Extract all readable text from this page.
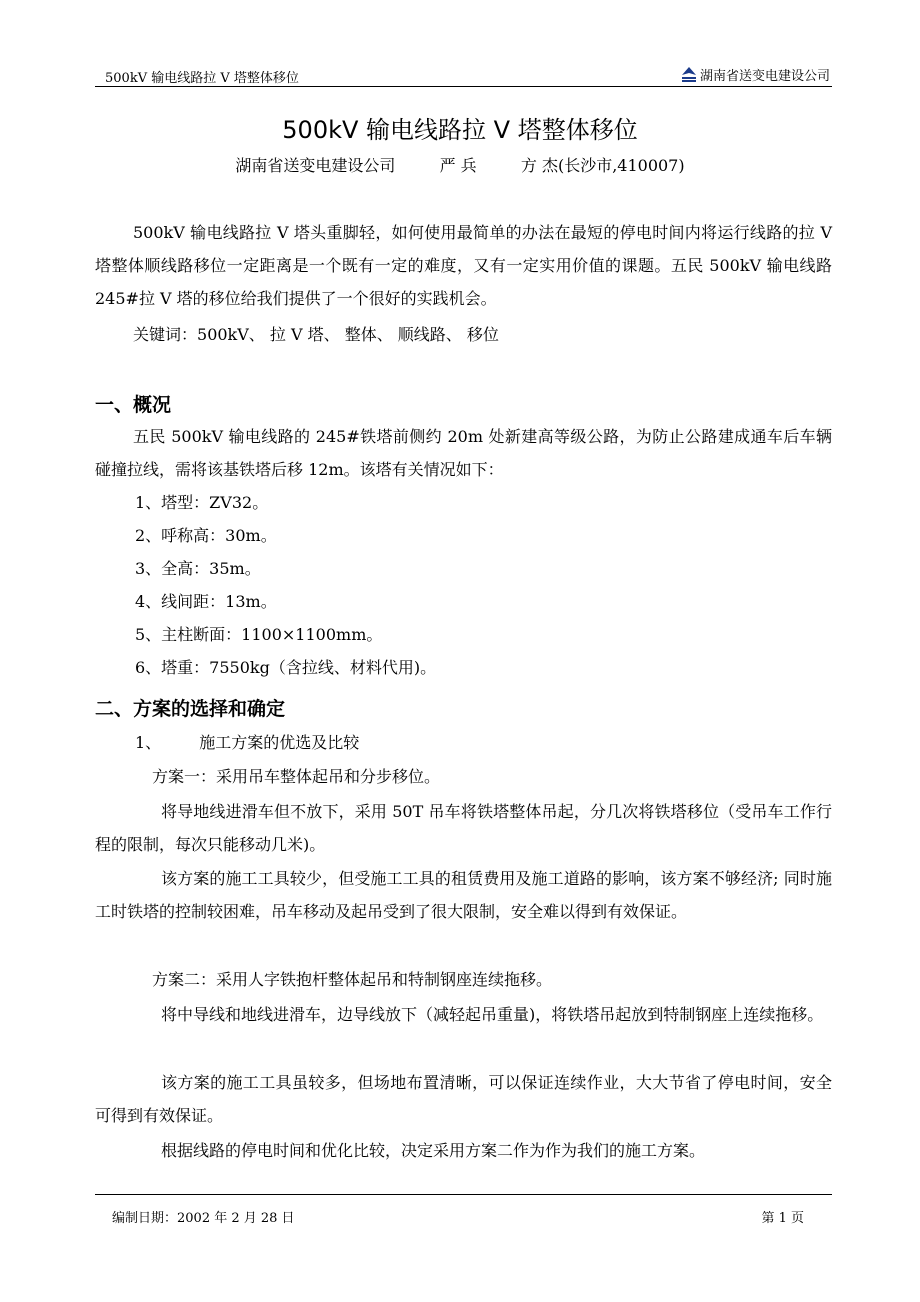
500kV 输电线路拉 V 塔整体移位	湖南省送变电建设公司
500kV 输电线路拉 V 塔整体移位
湖南省送变电建设公司	严 兵	方 杰(长沙市,410007)

500kV 输电线路拉 V 塔头重脚轻，如何使用最简单的办法在最短的停电时间内将运行线路的拉 V 塔整体顺线路移位一定距离是一个既有一定的难度，又有一定实用价值的课题。五民 500kV 输电线路 245#拉 V 塔的移位给我们提供了一个很好的实践机会。

关键词：500kV、 拉 V 塔、 整体、 顺线路、 移位

一、概况

五民 500kV 输电线路的 245#铁塔前侧约 20m 处新建高等级公路，为防止公路建成通车后车辆碰撞拉线，需将该基铁塔后移 12m。该塔有关情况如下：

1、塔型：ZV32。

2、呼称高：30m。

3、全高：35m。

4、线间距：13m。

5、主柱断面：1100×1100mm。

6、塔重：7550kg（含拉线、材料代用)。

二、方案的选择和确定

1、 施工方案的优选及比较

方案一：采用吊车整体起吊和分步移位。

将导地线进滑车但不放下，采用 50T 吊车将铁塔整体吊起，分几次将铁塔移位（受吊车工作行程的限制，每次只能移动几米)。

该方案的施工工具较少，但受施工工具的租赁费用及施工道路的影响，该方案不够经济; 同时施工时铁塔的控制较困难，吊车移动及起吊受到了很大限制，安全难以得到有效保证。

方案二：采用人字铁抱杆整体起吊和特制钢座连续拖移。

将中导线和地线进滑车，边导线放下（减轻起吊重量)，将铁塔吊起放到特制钢座上连续拖移。

该方案的施工工具虽较多，但场地布置清晰，可以保证连续作业，大大节省了停电时间，安全可得到有效保证。

根据线路的停电时间和优化比较，决定采用方案二作为作为我们的施工方案。

编制日期：2002 年 2 月 28 日	第 1 页
